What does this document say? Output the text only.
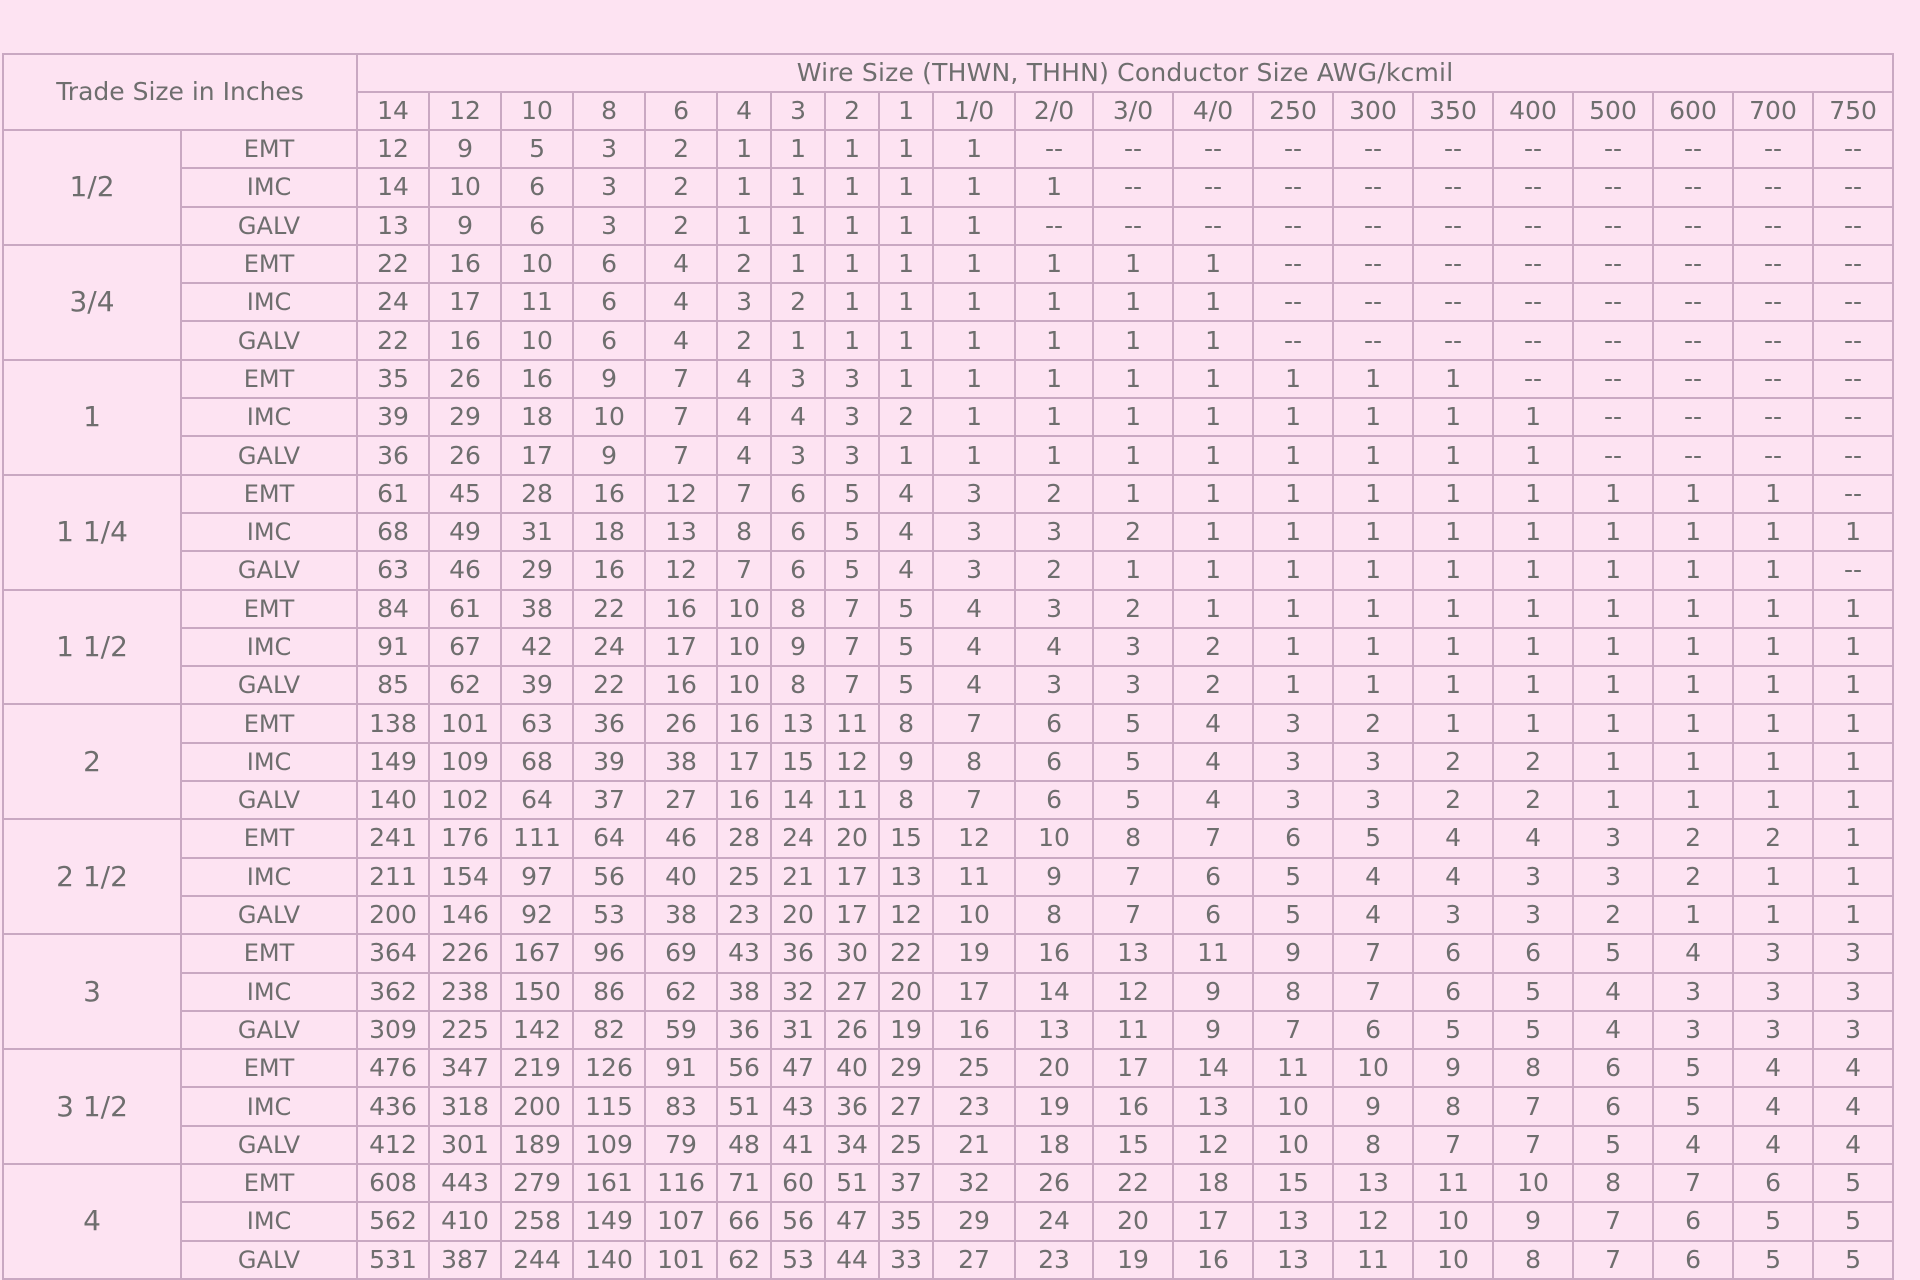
Trade Size in Inches		Wire Size (THWN, THHN) Conductor Size AWG/kcmil																				
		14	12	10	8	6	4	3	2	1	1/0	2/0	3/0	4/0	250	300	350	400	500	600	700	750
1/2	EMT	12	9	5	3	2	1	1	1	1	1	--	--	--	--	--	--	--	--	--	--	--
	IMC	14	10	6	3	2	1	1	1	1	1	1	--	--	--	--	--	--	--	--	--	--
	GALV	13	9	6	3	2	1	1	1	1	1	--	--	--	--	--	--	--	--	--	--	--
3/4	EMT	22	16	10	6	4	2	1	1	1	1	1	1	1	--	--	--	--	--	--	--	--
	IMC	24	17	11	6	4	3	2	1	1	1	1	1	1	--	--	--	--	--	--	--	--
	GALV	22	16	10	6	4	2	1	1	1	1	1	1	1	--	--	--	--	--	--	--	--
1	EMT	35	26	16	9	7	4	3	3	1	1	1	1	1	1	1	1	--	--	--	--	--
	IMC	39	29	18	10	7	4	4	3	2	1	1	1	1	1	1	1	1	--	--	--	--
	GALV	36	26	17	9	7	4	3	3	1	1	1	1	1	1	1	1	1	--	--	--	--
1 1/4	EMT	61	45	28	16	12	7	6	5	4	3	2	1	1	1	1	1	1	1	1	1	--
	IMC	68	49	31	18	13	8	6	5	4	3	3	2	1	1	1	1	1	1	1	1	1
	GALV	63	46	29	16	12	7	6	5	4	3	2	1	1	1	1	1	1	1	1	1	--
1 1/2	EMT	84	61	38	22	16	10	8	7	5	4	3	2	1	1	1	1	1	1	1	1	1
	IMC	91	67	42	24	17	10	9	7	5	4	4	3	2	1	1	1	1	1	1	1	1
	GALV	85	62	39	22	16	10	8	7	5	4	3	3	2	1	1	1	1	1	1	1	1
2	EMT	138	101	63	36	26	16	13	11	8	7	6	5	4	3	2	1	1	1	1	1	1
	IMC	149	109	68	39	38	17	15	12	9	8	6	5	4	3	3	2	2	1	1	1	1
	GALV	140	102	64	37	27	16	14	11	8	7	6	5	4	3	3	2	2	1	1	1	1
2 1/2	EMT	241	176	111	64	46	28	24	20	15	12	10	8	7	6	5	4	4	3	2	2	1
	IMC	211	154	97	56	40	25	21	17	13	11	9	7	6	5	4	4	3	3	2	1	1
	GALV	200	146	92	53	38	23	20	17	12	10	8	7	6	5	4	3	3	2	1	1	1
3	EMT	364	226	167	96	69	43	36	30	22	19	16	13	11	9	7	6	6	5	4	3	3
	IMC	362	238	150	86	62	38	32	27	20	17	14	12	9	8	7	6	5	4	3	3	3
	GALV	309	225	142	82	59	36	31	26	19	16	13	11	9	7	6	5	5	4	3	3	3
3 1/2	EMT	476	347	219	126	91	56	47	40	29	25	20	17	14	11	10	9	8	6	5	4	4
	IMC	436	318	200	115	83	51	43	36	27	23	19	16	13	10	9	8	7	6	5	4	4
	GALV	412	301	189	109	79	48	41	34	25	21	18	15	12	10	8	7	7	5	4	4	4
4	EMT	608	443	279	161	116	71	60	51	37	32	26	22	18	15	13	11	10	8	7	6	5
	IMC	562	410	258	149	107	66	56	47	35	29	24	20	17	13	12	10	9	7	6	5	5
	GALV	531	387	244	140	101	62	53	44	33	27	23	19	16	13	11	10	8	7	6	5	5
